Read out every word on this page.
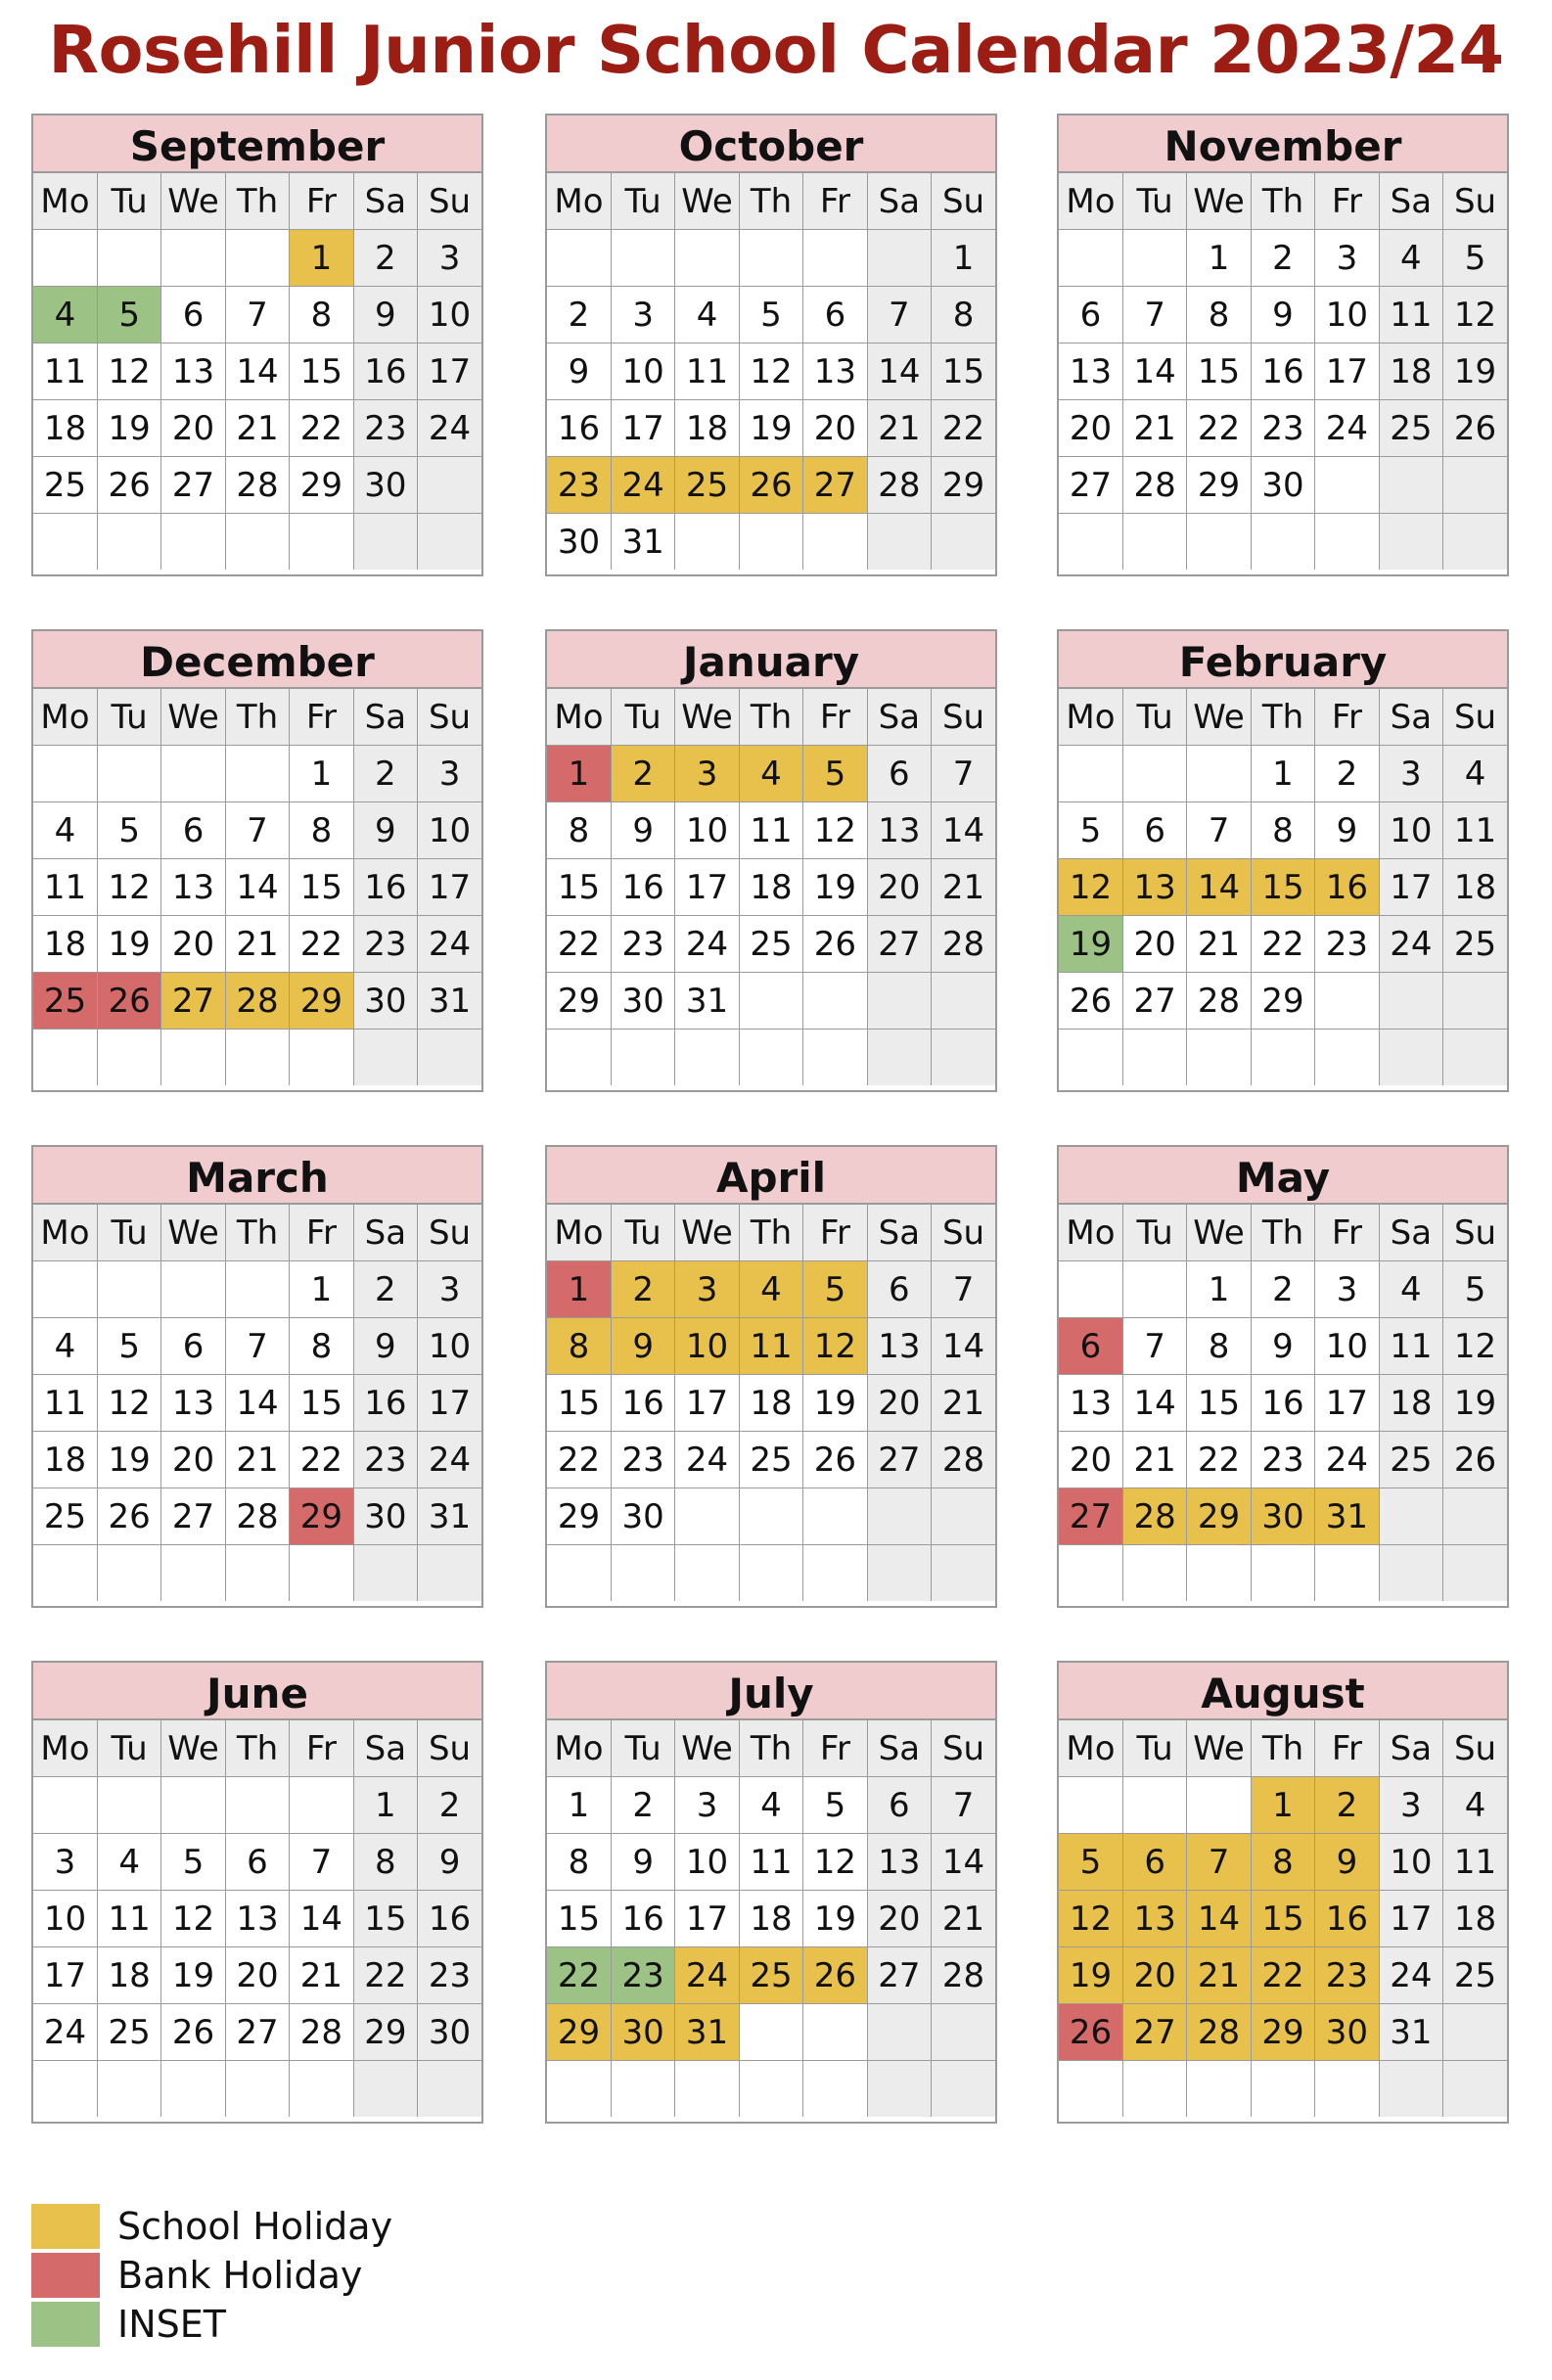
Rosehill Junior School Calendar 2023/24
September
Mo	Tu	We	Th	Fr	Sa	Su
				1	2	3
4	5	6	7	8	9	10
11	12	13	14	15	16	17
18	19	20	21	22	23	24
25	26	27	28	29	30	

October
Mo	Tu	We	Th	Fr	Sa	Su
						1
2	3	4	5	6	7	8
9	10	11	12	13	14	15
16	17	18	19	20	21	22
23	24	25	26	27	28	29
30	31					
November
Mo	Tu	We	Th	Fr	Sa	Su
		1	2	3	4	5
6	7	8	9	10	11	12
13	14	15	16	17	18	19
20	21	22	23	24	25	26
27	28	29	30			

December
Mo	Tu	We	Th	Fr	Sa	Su
				1	2	3
4	5	6	7	8	9	10
11	12	13	14	15	16	17
18	19	20	21	22	23	24
25	26	27	28	29	30	31

January
Mo	Tu	We	Th	Fr	Sa	Su
1	2	3	4	5	6	7
8	9	10	11	12	13	14
15	16	17	18	19	20	21
22	23	24	25	26	27	28
29	30	31				

February
Mo	Tu	We	Th	Fr	Sa	Su
			1	2	3	4
5	6	7	8	9	10	11
12	13	14	15	16	17	18
19	20	21	22	23	24	25
26	27	28	29			

March
Mo	Tu	We	Th	Fr	Sa	Su
				1	2	3
4	5	6	7	8	9	10
11	12	13	14	15	16	17
18	19	20	21	22	23	24
25	26	27	28	29	30	31

April
Mo	Tu	We	Th	Fr	Sa	Su
1	2	3	4	5	6	7
8	9	10	11	12	13	14
15	16	17	18	19	20	21
22	23	24	25	26	27	28
29	30					

May
Mo	Tu	We	Th	Fr	Sa	Su
		1	2	3	4	5
6	7	8	9	10	11	12
13	14	15	16	17	18	19
20	21	22	23	24	25	26
27	28	29	30	31		

June
Mo	Tu	We	Th	Fr	Sa	Su
					1	2
3	4	5	6	7	8	9
10	11	12	13	14	15	16
17	18	19	20	21	22	23
24	25	26	27	28	29	30

July
Mo	Tu	We	Th	Fr	Sa	Su
1	2	3	4	5	6	7
8	9	10	11	12	13	14
15	16	17	18	19	20	21
22	23	24	25	26	27	28
29	30	31				

August
Mo	Tu	We	Th	Fr	Sa	Su
			1	2	3	4
5	6	7	8	9	10	11
12	13	14	15	16	17	18
19	20	21	22	23	24	25
26	27	28	29	30	31	

School Holiday
Bank Holiday
INSET
